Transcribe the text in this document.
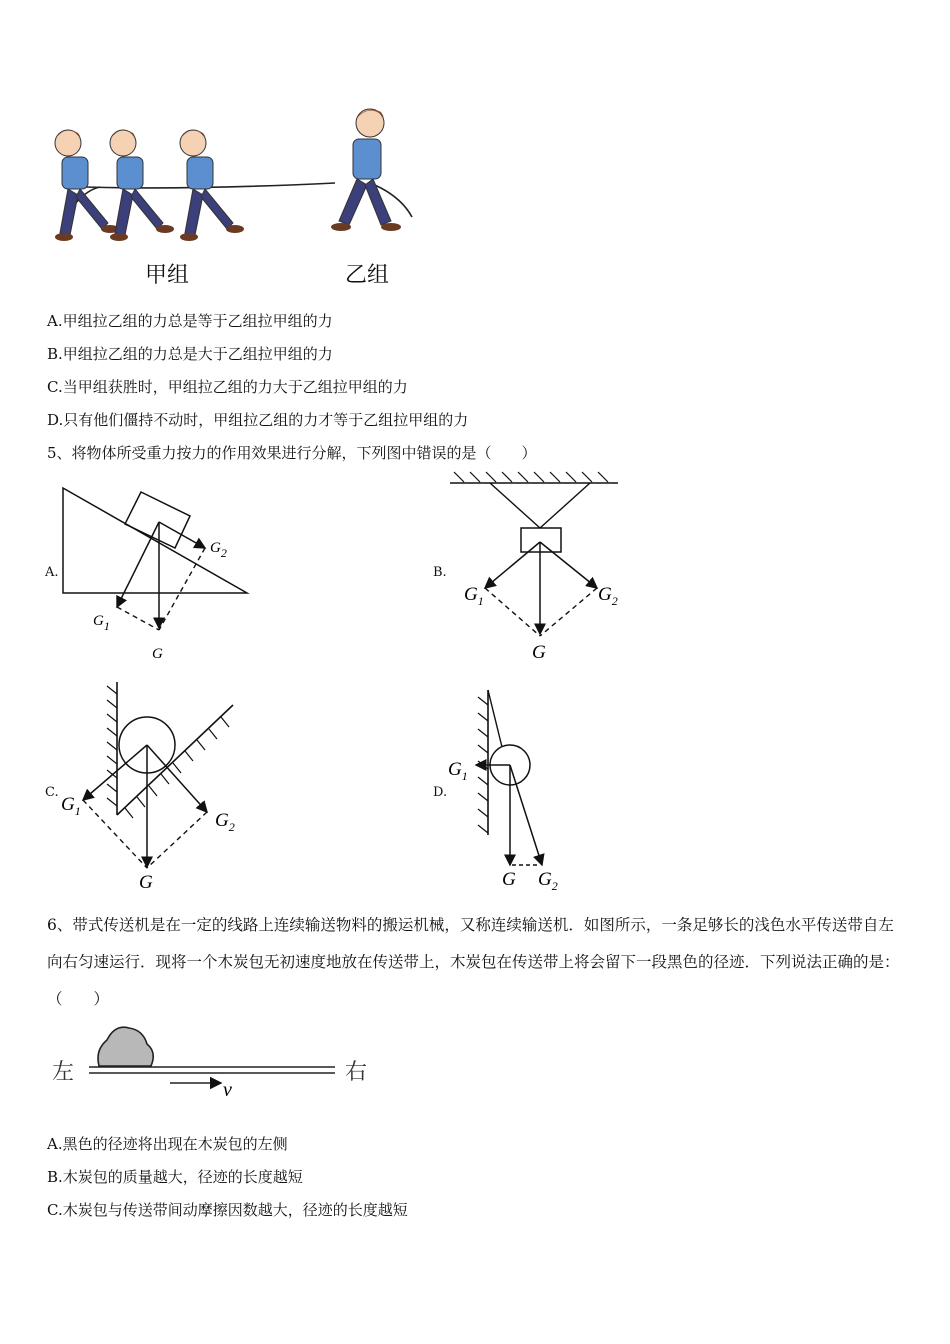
甲组	乙组
A.甲组拉乙组的力总是等于乙组拉甲组的力
B.甲组拉乙组的力总是大于乙组拉甲组的力
C.当甲组获胜时，甲组拉乙组的力大于乙组拉甲组的力
D.只有他们僵持不动时，甲组拉乙组的力才等于乙组拉甲组的力
5、将物体所受重力按力的作用效果进行分解，下列图中错误的是（　　）
A.
$G_1$
$G_2$
G
B.
$G_1$	$G_2$
G
C.
$G_1$	$G_2$
G
D.
$G_1$
G $G_2$
6、带式传送机是在一定的线路上连续输送物料的搬运机械，又称连续输送机．如图所示，一条足够长的浅色水平传送带自左向右匀速运行．现将一个木炭包无初速度地放在传送带上，木炭包在传送带上将会留下一段黑色的径迹．下列说法正确的是：　（　　）
左	右
v
A.黑色的径迹将出现在木炭包的左侧
B.木炭包的质量越大，径迹的长度越短
C.木炭包与传送带间动摩擦因数越大，径迹的长度越短
